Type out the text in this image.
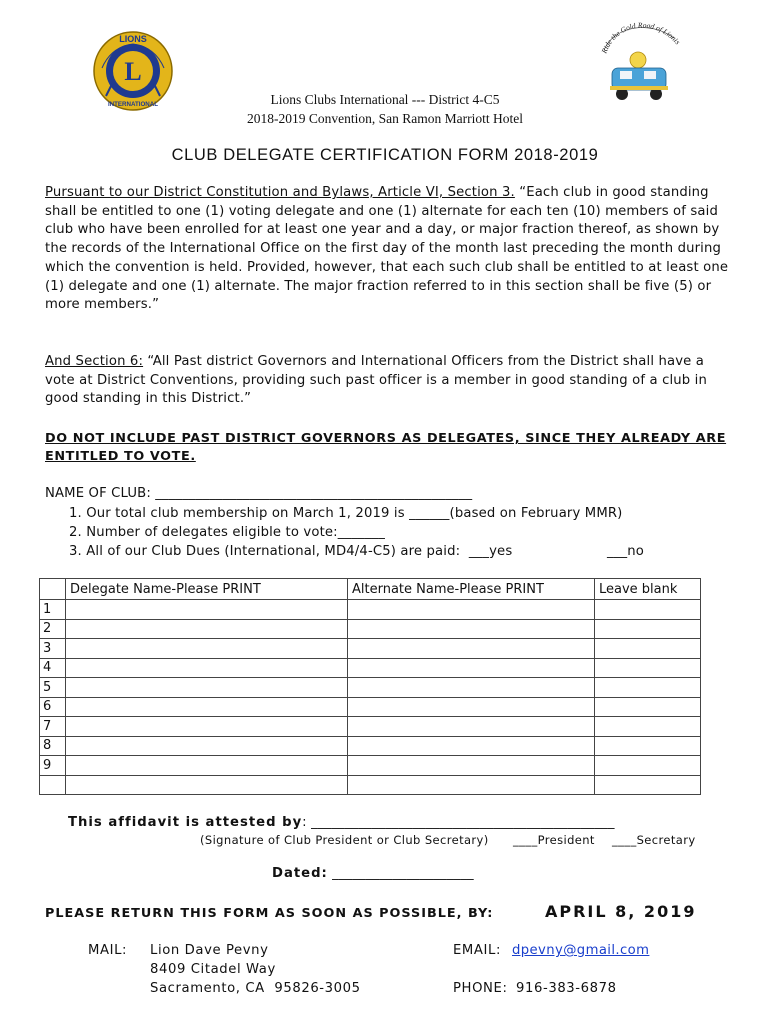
L
LIONS
INTERNATIONAL
Ride the Gold Road of Lioni
Lions Clubs International --- District 4-C5
2018-2019 Convention, San Ramon Marriott Hotel
CLUB DELEGATE CERTIFICATION FORM 2018-2019
Pursuant to our District Constitution and Bylaws, Article VI, Section 3. “Each club in good standing shall be entitled to one (1) voting delegate and one (1) alternate for each ten (10) members of said club who have been enrolled for at least one year and a day, or major fraction thereof, as shown by the records of the International Office on the first day of the month last preceding the month during which the convention is held. Provided, however, that each such club shall be entitled to at least one (1) delegate and one (1) alternate. The major fraction referred to in this section shall be five (5) or more members.”
And Section 6: “All Past district Governors and International Officers from the District shall have a vote at District Conventions, providing such past officer is a member in good standing of a club in good standing in this District.”
DO NOT INCLUDE PAST DISTRICT GOVERNORS AS DELEGATES, SINCE THEY ALREADY ARE ENTITLED TO VOTE.
NAME OF CLUB: _______________________________________________
1. Our total club membership on March 1, 2019 is ______(based on February MMR)
2. Number of delegates eligible to vote:_______
3. All of our Club Dues (International, MD4/4-C5) are paid:  ___yes	___no
	Delegate Name-Please PRINT	Alternate Name-Please PRINT	Leave blank
1			
2			
3			
4			
5			
6			
7			
8			
9			

This affidavit is attested by: _____________________________________________
(Signature of Club President or Club Secretary) ____President ____Secretary
Dated: _____________________
PLEASE RETURN THIS FORM AS SOON AS POSSIBLE, BY:	APRIL 8, 2019
MAIL: Lion Dave Pevny
8409 Citadel Way
Sacramento, CA  95826-3005
EMAIL: dpevny@gmail.com
PHONE: 916-383-6878
